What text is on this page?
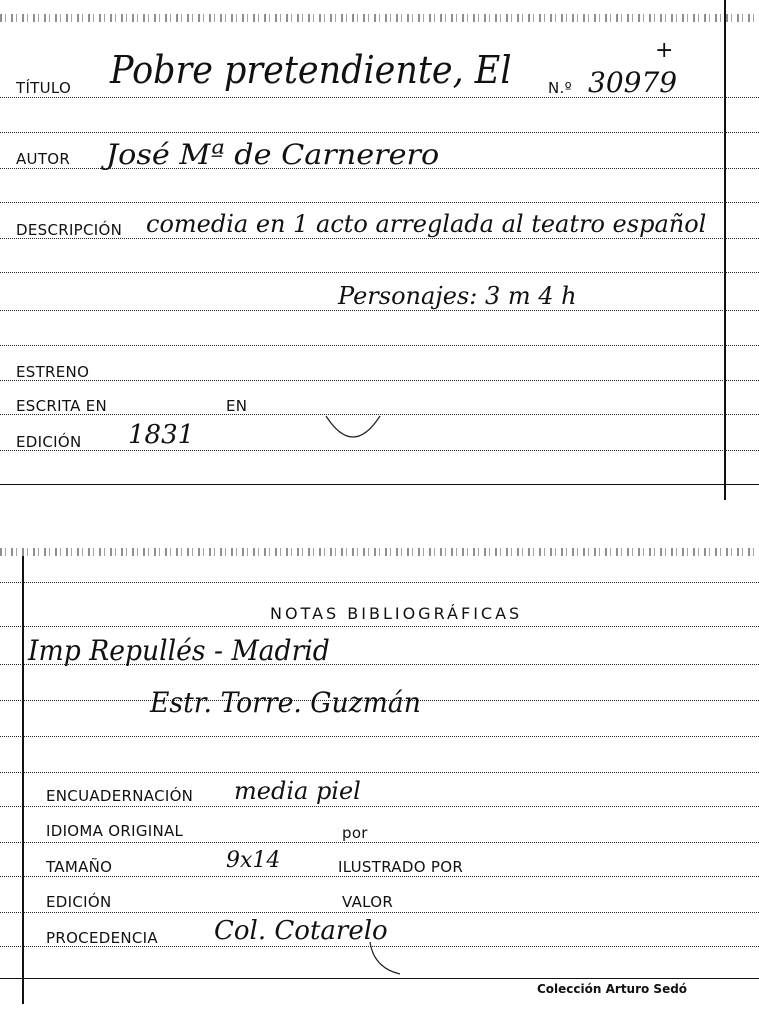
TÍTULO Pobre pretendiente, El N.º 30979
+
AUTOR José Mª de Carnerero
DESCRIPCIÓN comedia en 1 acto arreglada al teatro español
Personajes: 3 m 4 h
ESTRENO
ESCRITA EN	EN
EDICIÓN 1831
NOTAS BIBLIOGRÁFICAS
Imp Repullés - Madrid
Estr. Torre. Guzmán
ENCUADERNACIÓN media piel
IDIOMA ORIGINAL	por
TAMAÑO	9x14	ILUSTRADO POR
EDICIÓN	VALOR
PROCEDENCIA Col. Cotarelo
Colección Arturo Sedó
